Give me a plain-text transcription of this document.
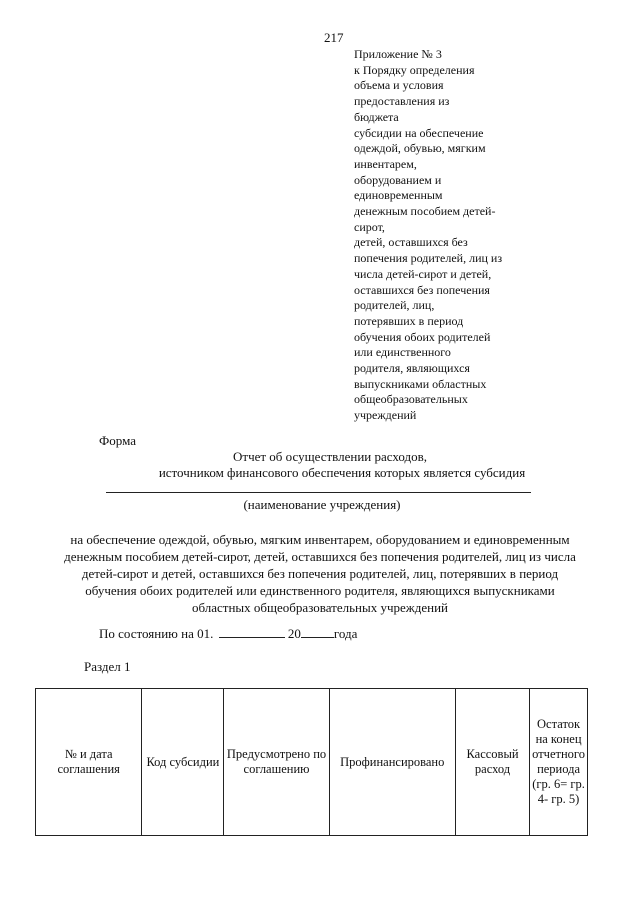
217
Приложение № 3
к Порядку определения
объема и условия
предоставления из
бюджета
субсидии на обеспечение
одеждой, обувью, мягким
инвентарем,
оборудованием и
единовременным
денежным пособием детей-
сирот,
детей, оставшихся без
попечения родителей, лиц из
числа детей-сирот и детей,
оставшихся без попечения
родителей, лиц,
потерявших в период
обучения обоих родителей
или единственного
родителя, являющихся
выпускниками областных
общеобразовательных
учреждений
Форма
Отчет об осуществлении расходов,
источником финансового обеспечения которых является субсидия
(наименование учреждения)
на обеспечение одеждой, обувью, мягким инвентарем, оборудованием и единовременным
денежным пособием детей-сирот, детей, оставшихся без попечения родителей, лиц из числа
детей-сирот и детей, оставшихся без попечения родителей, лиц, потерявших в период
обучения обоих родителей или единственного родителя, являющихся выпускниками
областных общеобразовательных учреждений
По состоянию на 01.	20	года
Раздел 1
№ и дата соглашения	Код субсидии	Предусмотрено по соглашению	Профинансировано	Кассовый расход	Остаток на конец отчетного периода (гр. 6= гр. 4- гр. 5)
